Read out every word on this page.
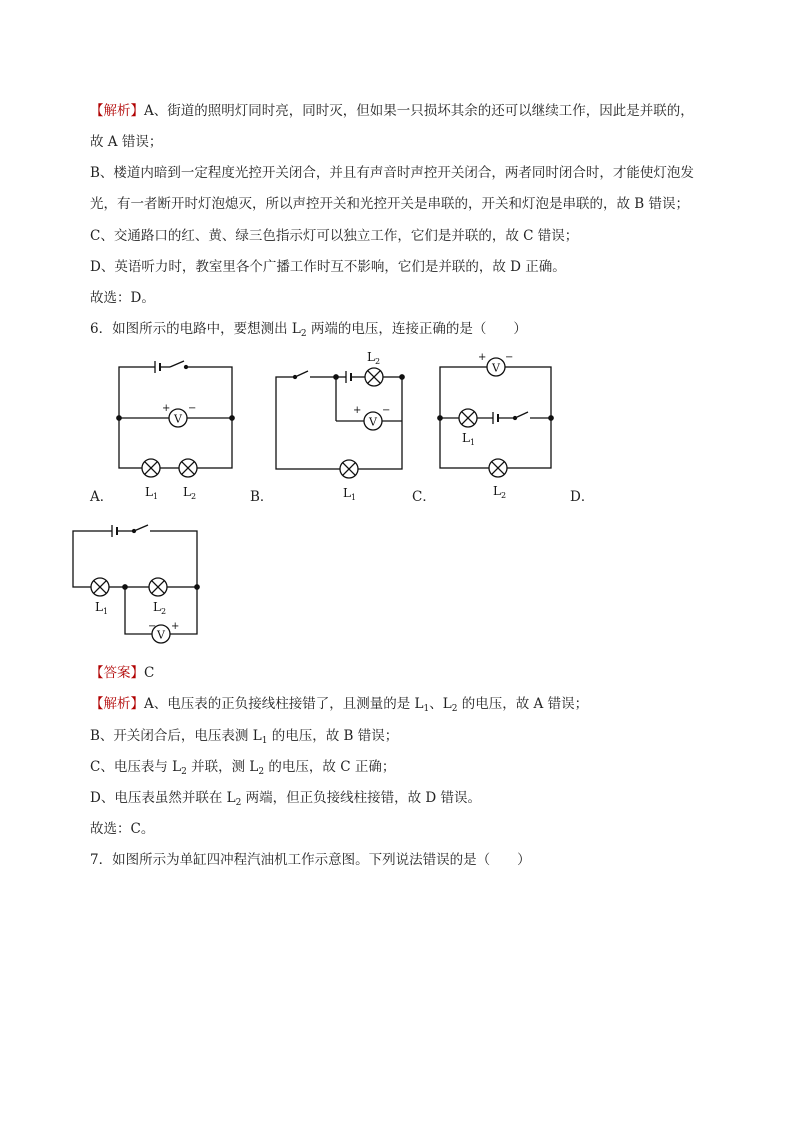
【解析】A、街道的照明灯同时亮，同时灭，但如果一只损坏其余的还可以继续工作，因此是并联的，
故 A 错误；
B、楼道内暗到一定程度光控开关闭合，并且有声音时声控开关闭合，两者同时闭合时，才能使灯泡发
光，有一者断开时灯泡熄灭，所以声控开关和光控开关是串联的，开关和灯泡是串联的，故 B 错误；
C、交通路口的红、黄、绿三色指示灯可以独立工作，它们是并联的，故 C 错误；
D、英语听力时，教室里各个广播工作时互不影响，它们是并联的，故 D 正确。
故选：D。
6．如图所示的电路中，要想测出 $L_2$ 两端的电压，连接正确的是（　　）
V
+ −
$L_1$ $L_2$
$L_2$
V
+ −
$L_1$
V
+ −
$L_1$
$L_2$
$L_1$	$L_2$
V
− +
A．	B．	C．	D．
【答案】C
【解析】A、电压表的正负接线柱接错了，且测量的是 $L_1$、$L_2$ 的电压，故 A 错误；
B、开关闭合后，电压表测 $L_1$ 的电压，故 B 错误；
C、电压表与 $L_2$ 并联，测 $L_2$ 的电压，故 C 正确；
D、电压表虽然并联在 $L_2$ 两端，但正负接线柱接错，故 D 错误。
故选：C。
7．如图所示为单缸四冲程汽油机工作示意图。下列说法错误的是（　　）
